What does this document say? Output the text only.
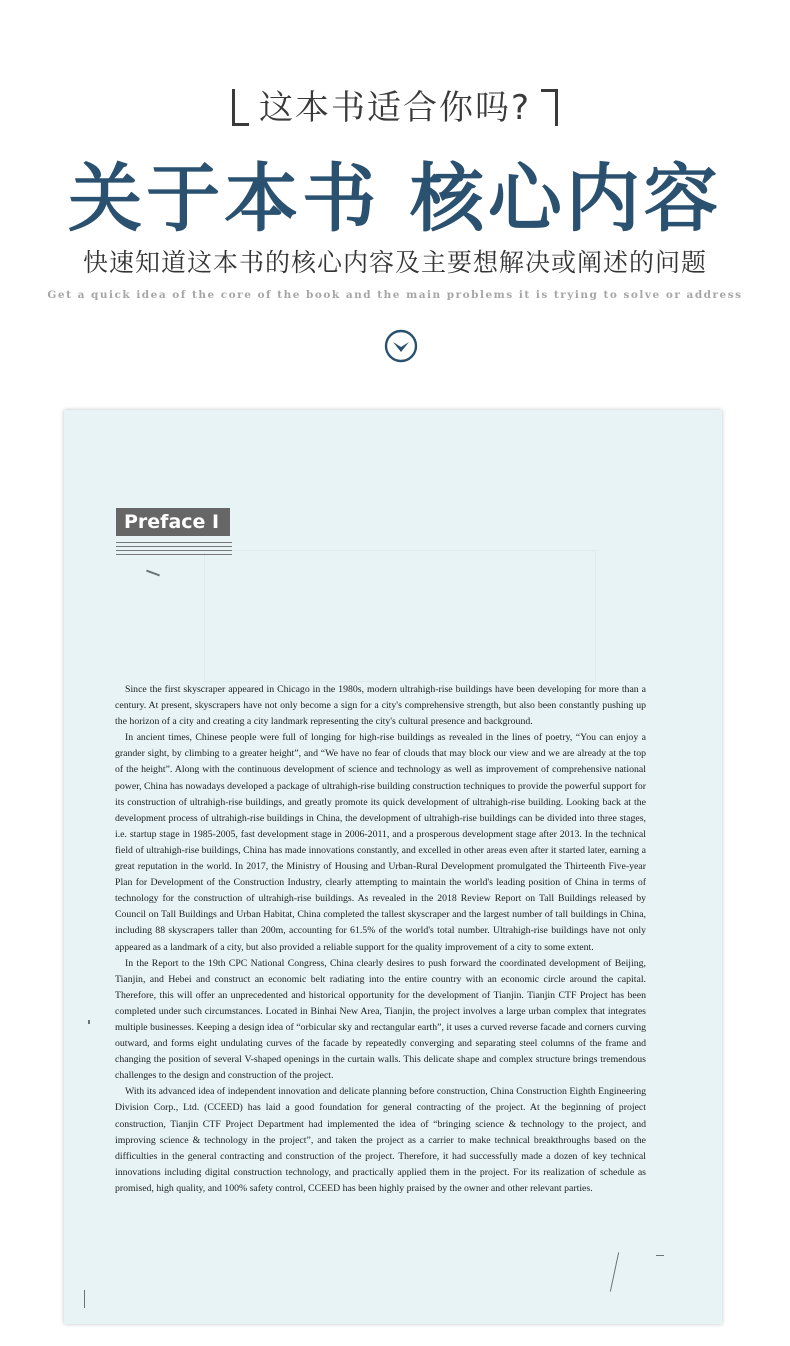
这本书适合你吗?
关于本书 核心内容
快速知道这本书的核心内容及主要想解决或阐述的问题
Get a quick idea of the core of the book and the main problems it is trying to solve or address
Preface I

Since the first skyscraper appeared in Chicago in the 1980s, modern ultrahigh-rise buildings have been developing for more than a century. At present, skyscrapers have not only become a sign for a city's comprehensive strength, but also been constantly pushing up the horizon of a city and creating a city landmark representing the city's cultural presence and background.

In ancient times, Chinese people were full of longing for high-rise buildings as revealed in the lines of poetry, “You can enjoy a grander sight, by climbing to a greater height”, and “We have no fear of clouds that may block our view and we are already at the top of the height”. Along with the continuous development of science and technology as well as improvement of comprehensive national power, China has nowadays developed a package of ultrahigh-rise building construction techniques to provide the powerful support for its construction of ultrahigh-rise buildings, and greatly promote its quick development of ultrahigh-rise building. Looking back at the development process of ultrahigh-rise buildings in China, the development of ultrahigh-rise buildings can be divided into three stages, i.e. startup stage in 1985-2005, fast development stage in 2006-2011, and a prosperous development stage after 2013. In the technical field of ultrahigh-rise buildings, China has made innovations constantly, and excelled in other areas even after it started later, earning a great reputation in the world. In 2017, the Ministry of Housing and Urban-Rural Development promulgated the Thirteenth Five-year Plan for Development of the Construction Industry, clearly attempting to maintain the world's leading position of China in terms of technology for the construction of ultrahigh-rise buildings. As revealed in the 2018 Review Report on Tall Buildings released by Council on Tall Buildings and Urban Habitat, China completed the tallest skyscraper and the largest number of tall buildings in China, including 88 skyscrapers taller than 200m, accounting for 61.5% of the world's total number. Ultrahigh-rise buildings have not only appeared as a landmark of a city, but also provided a reliable support for the quality improvement of a city to some extent.

In the Report to the 19th CPC National Congress, China clearly desires to push forward the coordinated development of Beijing, Tianjin, and Hebei and construct an economic belt radiating into the entire country with an economic circle around the capital. Therefore, this will offer an unprecedented and historical opportunity for the development of Tianjin. Tianjin CTF Project has been completed under such circumstances. Located in Binhai New Area, Tianjin, the project involves a large urban complex that integrates multiple businesses. Keeping a design idea of “orbicular sky and rectangular earth”, it uses a curved reverse facade and corners curving outward, and forms eight undulating curves of the facade by repeatedly converging and separating steel columns of the frame and changing the position of several V-shaped openings in the curtain walls. This delicate shape and complex structure brings tremendous challenges to the design and construction of the project.

With its advanced idea of independent innovation and delicate planning before construction, China Construction Eighth Engineering Division Corp., Ltd. (CCEED) has laid a good foundation for general contracting of the project. At the beginning of project construction, Tianjin CTF Project Department had implemented the idea of “bringing science & technology to the project, and improving science & technology in the project”, and taken the project as a carrier to make technical breakthroughs based on the difficulties in the general contracting and construction of the project. Therefore, it had successfully made a dozen of key technical innovations including digital construction technology, and practically applied them in the project. For its realization of schedule as promised, high quality, and 100% safety control, CCEED has been highly praised by the owner and other relevant parties.
